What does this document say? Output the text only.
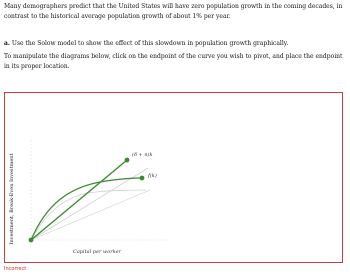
Many demographers predict that the United States will have zero population growth in the coming decades, in contrast to the historical average population growth of about 1% per year.
a. Use the Solow model to show the effect of this slowdown in population growth graphically.
To manipulate the diagrams below, click on the endpoint of the curve you wish to pivot, and place the endpoint in its proper location.
Investment, Break-Even Investment	(δ + n)k
f(k)
Capital per worker
Incorrect
